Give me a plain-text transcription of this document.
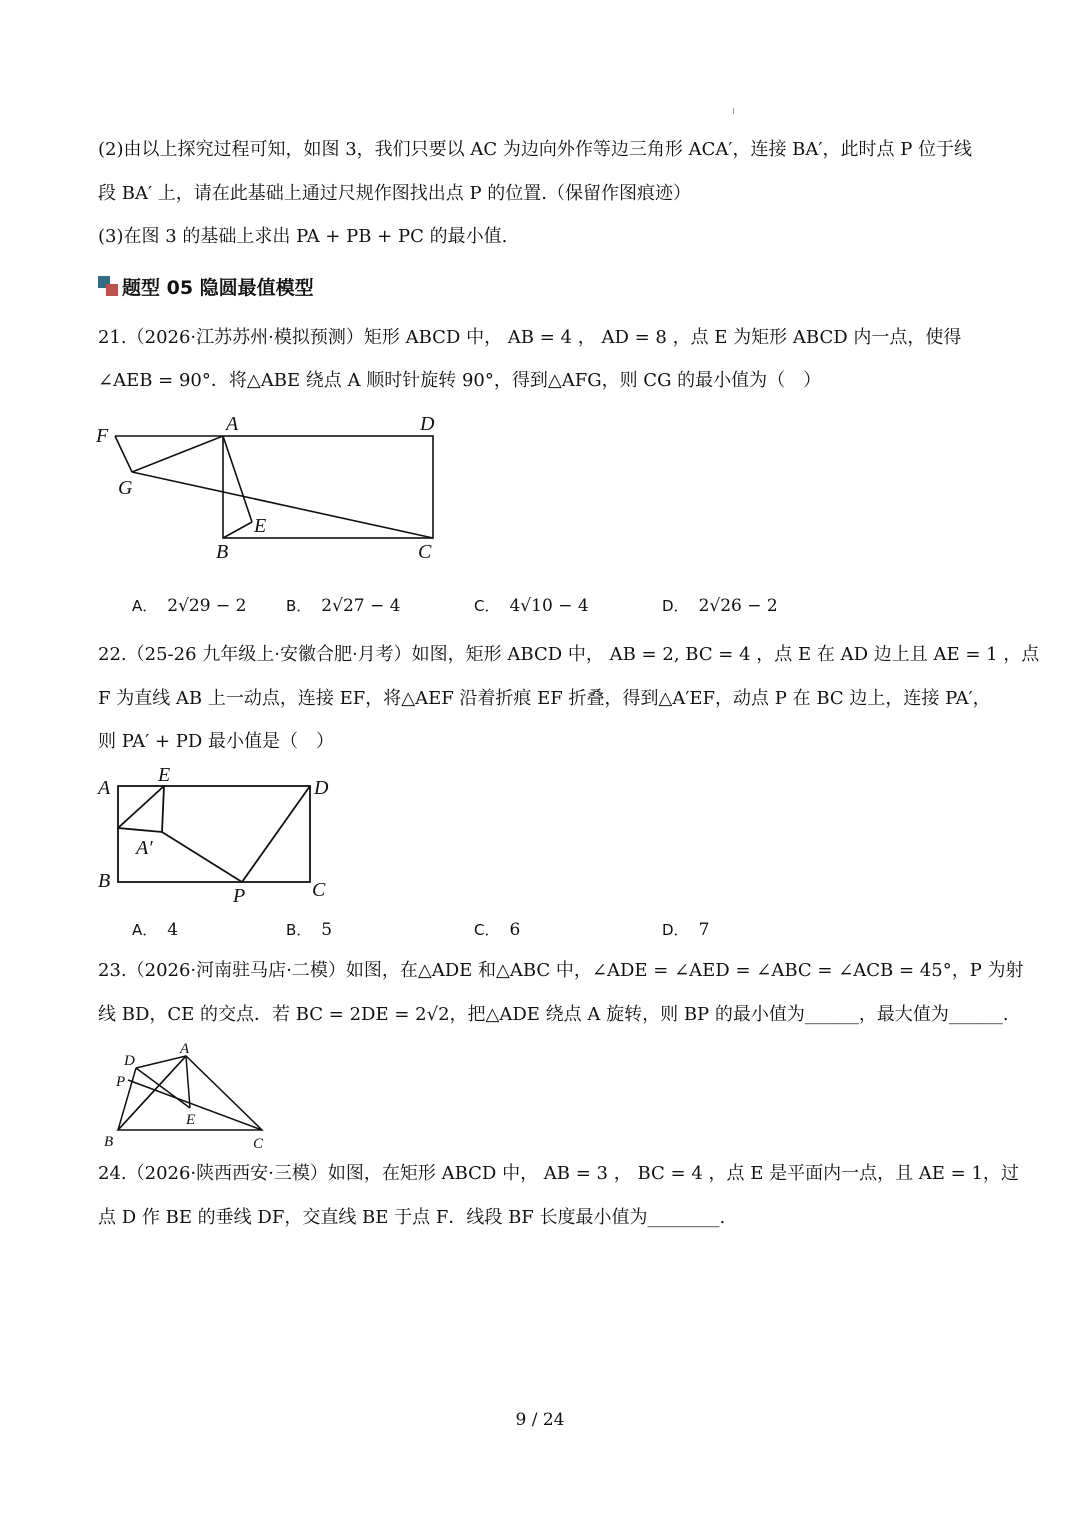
(2)由以上探究过程可知，如图 3，我们只要以 AC 为边向外作等边三角形 ACA′，连接 BA′，此时点 P 位于线
段 BA′ 上，请在此基础上通过尺规作图找出点 P 的位置.（保留作图痕迹）
(3)在图 3 的基础上求出 PA + PB + PC 的最小值.
题型 05 隐圆最值模型
21.（2026·江苏苏州·模拟预测）矩形 ABCD 中， AB = 4 ， AD = 8 ，点 E 为矩形 ABCD 内一点，使得
∠AEB = 90°．将△ABE 绕点 A 顺时针旋转 90°，得到△AFG，则 CG 的最小值为（　）
F
A	D
G
E
B	C
A． 2√29 − 2	B． 2√27 − 4	C． 4√10 − 4	D． 2√26 − 2
22.（25-26 九年级上·安徽合肥·月考）如图，矩形 ABCD 中， AB = 2, BC = 4 ，点 E 在 AD 边上且 AE = 1 ，点
F 为直线 AB 上一动点，连接 EF，将△AEF 沿着折痕 EF 折叠，得到△A′EF，动点 P 在 BC 边上，连接 PA′，
则 PA′ + PD 最小值是（　）
A
E
D
A′
B
P	C
A． 4	B． 5	C． 6	D． 7
23.（2026·河南驻马店·二模）如图，在△ADE 和△ABC 中，∠ADE = ∠AED = ∠ABC = ∠ACB = 45°，P 为射
线 BD，CE 的交点．若 BC = 2DE = 2√2，把△ADE 绕点 A 旋转，则 BP 的最小值为______，最大值为______.
D
A
P
E
B	C
24.（2026·陕西西安·三模）如图，在矩形 ABCD 中， AB = 3 ， BC = 4 ，点 E 是平面内一点，且 AE = 1，过
点 D 作 BE 的垂线 DF，交直线 BE 于点 F．线段 BF 长度最小值为________.
9 / 24
